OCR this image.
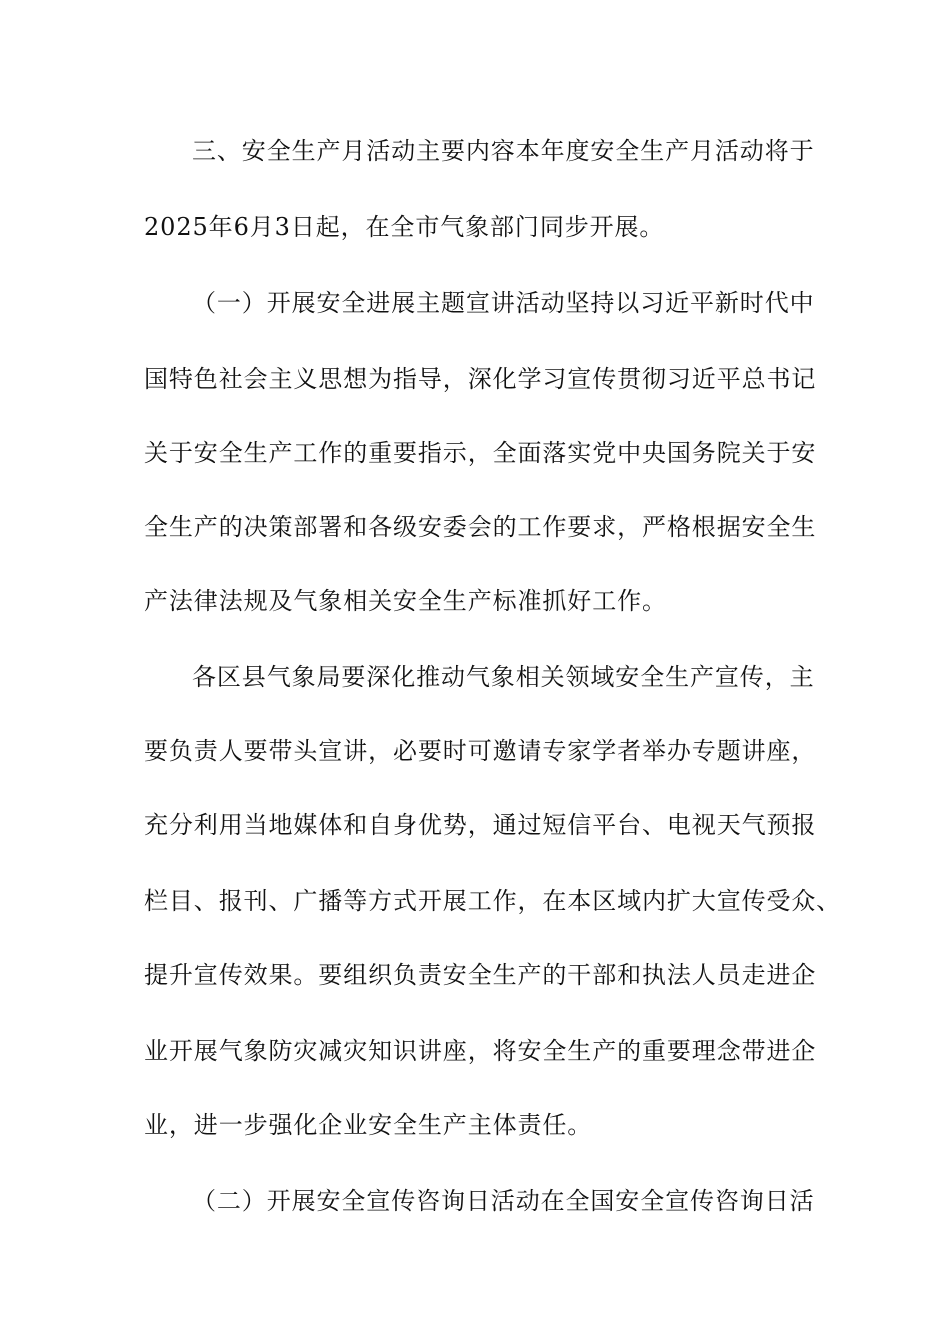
三、安全生产月活动主要内容本年度安全生产月活动将于
2025年6月3日起，在全市气象部门同步开展。
（一）开展安全进展主题宣讲活动坚持以习近平新时代中
国特色社会主义思想为指导，深化学习宣传贯彻习近平总书记
关于安全生产工作的重要指示，全面落实党中央国务院关于安
全生产的决策部署和各级安委会的工作要求，严格根据安全生
产法律法规及气象相关安全生产标准抓好工作。
各区县气象局要深化推动气象相关领域安全生产宣传，主
要负责人要带头宣讲，必要时可邀请专家学者举办专题讲座，
充分利用当地媒体和自身优势，通过短信平台、电视天气预报
栏目、报刊、广播等方式开展工作，在本区域内扩大宣传受众、
提升宣传效果。要组织负责安全生产的干部和执法人员走进企
业开展气象防灾减灾知识讲座，将安全生产的重要理念带进企
业，进一步强化企业安全生产主体责任。
（二）开展安全宣传咨询日活动在全国安全宣传咨询日活
